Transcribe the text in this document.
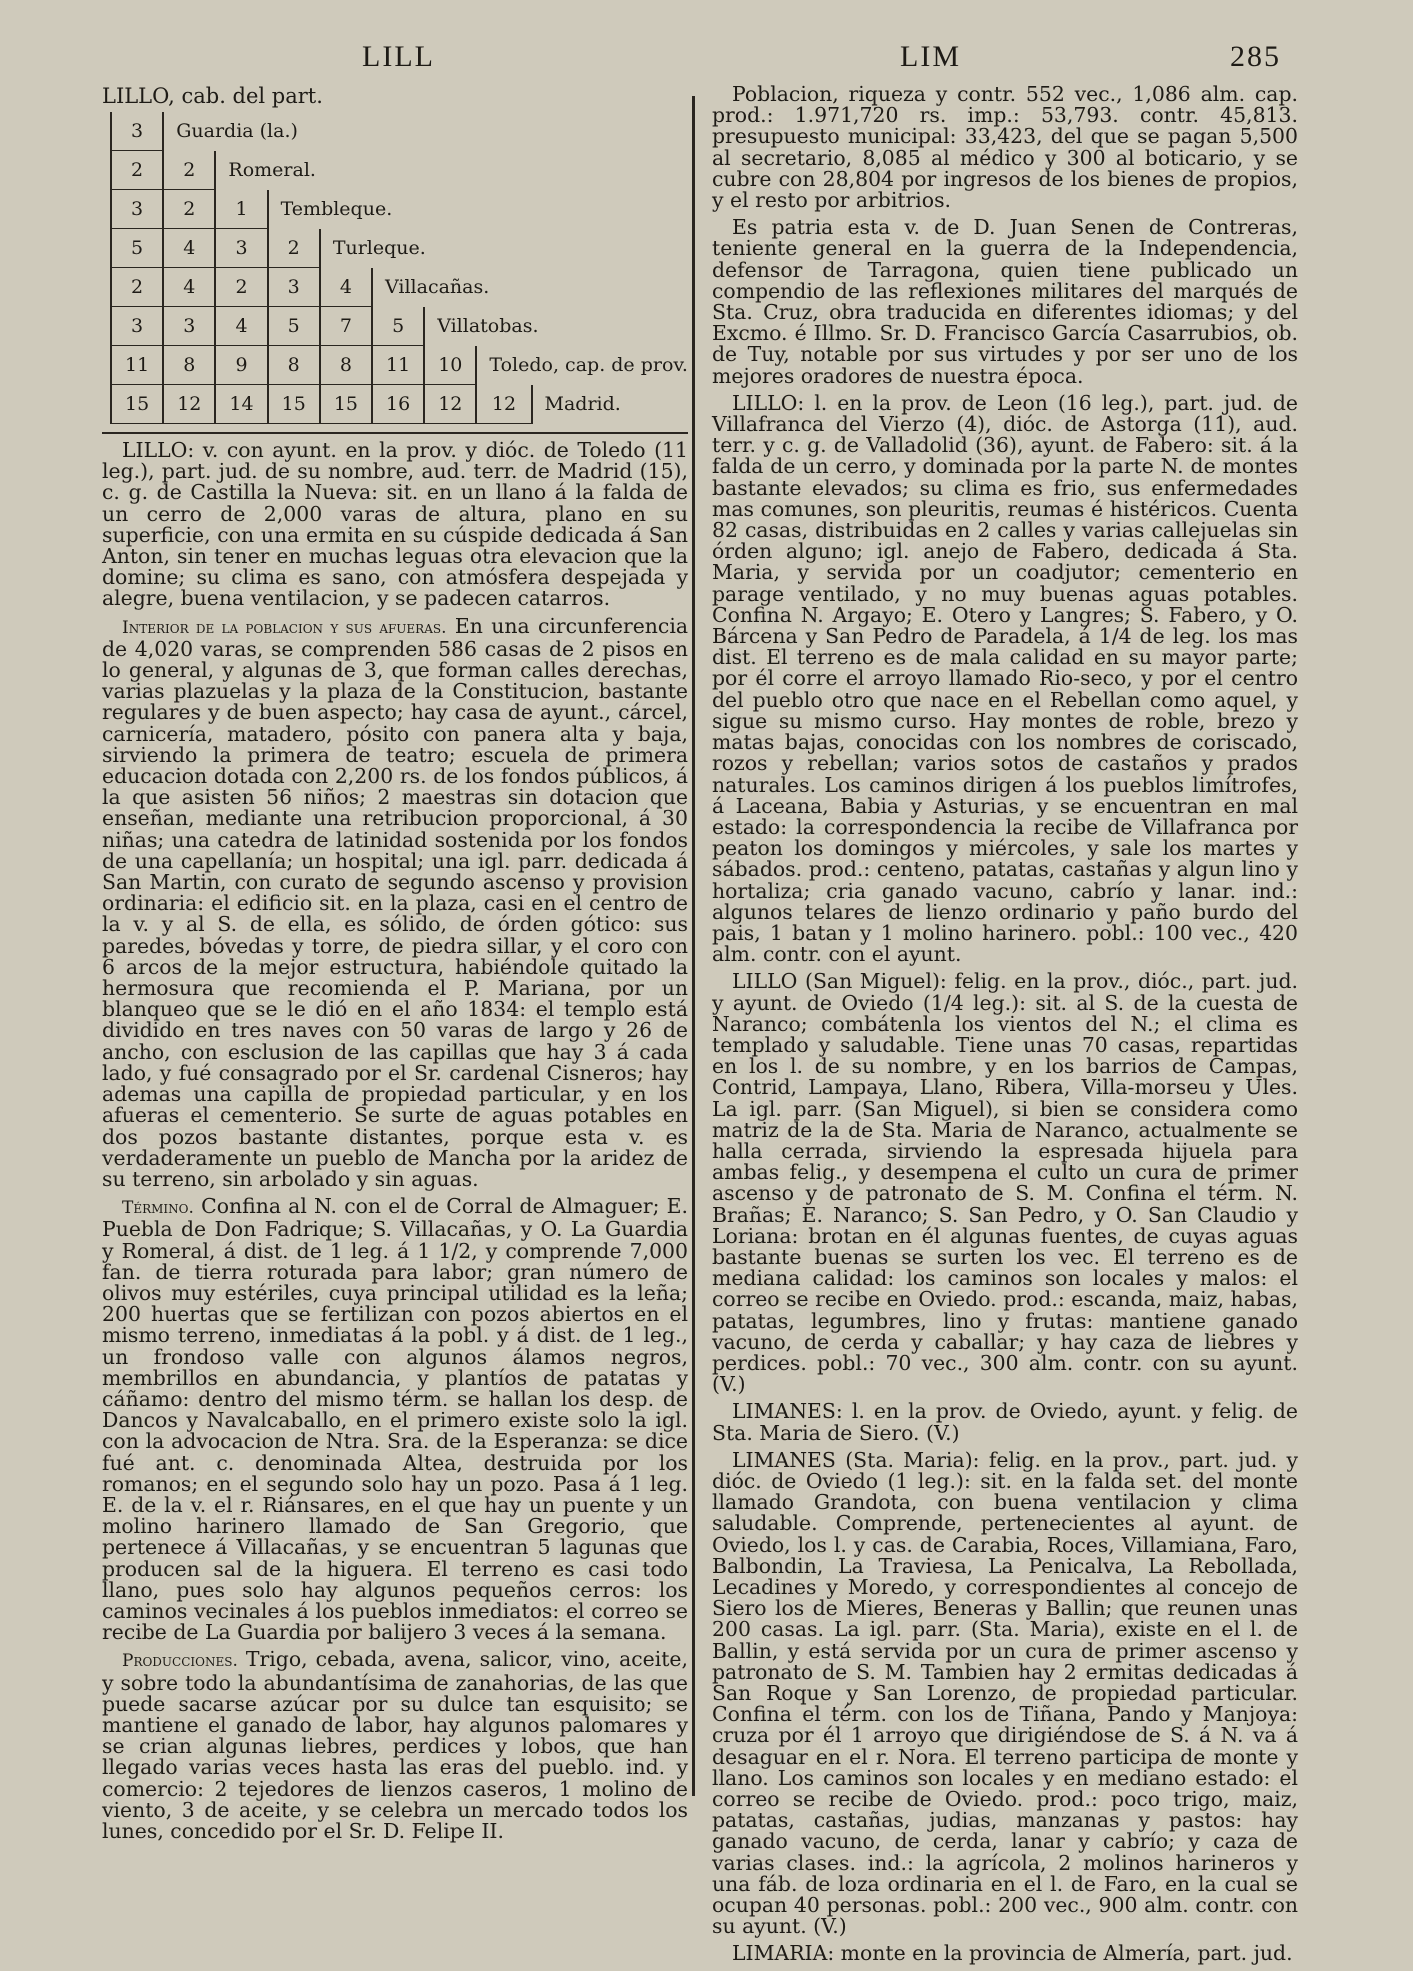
LILL	LIM	285
LILLO, cab. del part.
3	Guardia (la.)							
2	2	Romeral.						
3	2	1	Tembleque.					
5	4	3	2	Turleque.				
2	4	2	3	4	Villacañas.			
3	3	4	5	7	5	Villatobas.		
11	8	9	8	8	11	10	Toledo, cap. de prov.	
15	12	14	15	15	16	12	12	Madrid.

LILLO: v. con ayunt. en la prov. y dióc. de Toledo (11 leg.), part. jud. de su nombre, aud. terr. de Madrid (15), c. g. de Castilla la Nueva: sit. en un llano á la falda de un cerro de 2,000 varas de altura, plano en su superficie, con una ermita en su cúspide dedicada á San Anton, sin tener en muchas leguas otra elevacion que la domine; su clima es sano, con atmósfera despejada y alegre, buena ventilacion, y se padecen catarros.

Interior de la poblacion y sus afueras. En una circunferencia de 4,020 varas, se comprenden 586 casas de 2 pisos en lo general, y algunas de 3, que forman calles derechas, varias plazuelas y la plaza de la Constitucion, bastante regulares y de buen aspecto; hay casa de ayunt., cárcel, carnicería, matadero, pósito con panera alta y baja, sirviendo la primera de teatro; escuela de primera educacion dotada con 2,200 rs. de los fondos públicos, á la que asisten 56 niños; 2 maestras sin dotacion que enseñan, mediante una retribucion proporcional, á 30 niñas; una catedra de latinidad sostenida por los fondos de una capellanía; un hospital; una igl. parr. dedicada á San Martin, con curato de segundo ascenso y provision ordinaria: el edificio sit. en la plaza, casi en el centro de la v. y al S. de ella, es sólido, de órden gótico: sus paredes, bóvedas y torre, de piedra sillar, y el coro con 6 arcos de la mejor estructura, habiéndole quitado la hermosura que recomienda el P. Mariana, por un blanqueo que se le dió en el año 1834: el templo está dividido en tres naves con 50 varas de largo y 26 de ancho, con esclusion de las capillas que hay 3 á cada lado, y fué consagrado por el Sr. cardenal Cisneros; hay ademas una capilla de propiedad particular, y en los afueras el cementerio. Se surte de aguas potables en dos pozos bastante distantes, porque esta v. es verdaderamente un pueblo de Mancha por la aridez de su terreno, sin arbolado y sin aguas.

Término. Confina al N. con el de Corral de Almaguer; E. Puebla de Don Fadrique; S. Villacañas, y O. La Guardia y Romeral, á dist. de 1 leg. á 1 1/2, y comprende 7,000 fan. de tierra roturada para labor; gran número de olivos muy estériles, cuya principal utilidad es la leña; 200 huertas que se fertilizan con pozos abiertos en el mismo terreno, inmediatas á la pobl. y á dist. de 1 leg., un frondoso valle con algunos álamos negros, membrillos en abundancia, y plantíos de patatas y cáñamo: dentro del mismo térm. se hallan los desp. de Dancos y Navalcaballo, en el primero existe solo la igl. con la advocacion de Ntra. Sra. de la Esperanza: se dice fué ant. c. denominada Altea, destruida por los romanos; en el segundo solo hay un pozo. Pasa á 1 leg. E. de la v. el r. Riánsares, en el que hay un puente y un molino harinero llamado de San Gregorio, que pertenece á Villacañas, y se encuentran 5 lagunas que producen sal de la higuera. El terreno es casi todo llano, pues solo hay algunos pequeños cerros: los caminos vecinales á los pueblos inmediatos: el correo se recibe de La Guardia por balijero 3 veces á la semana.

Producciones. Trigo, cebada, avena, salicor, vino, aceite, y sobre todo la abundantísima de zanahorias, de las que puede sacarse azúcar por su dulce tan esquisito; se mantiene el ganado de labor, hay algunos palomares y se crian algunas liebres, perdices y lobos, que han llegado varias veces hasta las eras del pueblo. ind. y comercio: 2 tejedores de lienzos caseros, 1 molino de viento, 3 de aceite, y se celebra un mercado todos los lunes, concedido por el Sr. D. Felipe II.

Poblacion, riqueza y contr. 552 vec., 1,086 alm. cap. prod.: 1.971,720 rs. imp.: 53,793. contr. 45,813. presupuesto municipal: 33,423, del que se pagan 5,500 al secretario, 8,085 al médico y 300 al boticario, y se cubre con 28,804 por ingresos de los bienes de propios, y el resto por arbitrios.

Es patria esta v. de D. Juan Senen de Contreras, teniente general en la guerra de la Independencia, defensor de Tarragona, quien tiene publicado un compendio de las reflexiones militares del marqués de Sta. Cruz, obra traducida en diferentes idiomas; y del Excmo. é Illmo. Sr. D. Francisco García Casarrubios, ob. de Tuy, notable por sus virtudes y por ser uno de los mejores oradores de nuestra época.

LILLO: l. en la prov. de Leon (16 leg.), part. jud. de Villafranca del Vierzo (4), dióc. de Astorga (11), aud. terr. y c. g. de Valladolid (36), ayunt. de Fabero: sit. á la falda de un cerro, y dominada por la parte N. de montes bastante elevados; su clima es frio, sus enfermedades mas comunes, son pleuritis, reumas é histéricos. Cuenta 82 casas, distribuidas en 2 calles y varias callejuelas sin órden alguno; igl. anejo de Fabero, dedicada á Sta. Maria, y servida por un coadjutor; cementerio en parage ventilado, y no muy buenas aguas potables. Confina N. Argayo; E. Otero y Langres; S. Fabero, y O. Bárcena y San Pedro de Paradela, á 1/4 de leg. los mas dist. El terreno es de mala calidad en su mayor parte; por él corre el arroyo llamado Rio-seco, y por el centro del pueblo otro que nace en el Rebellan como aquel, y sigue su mismo curso. Hay montes de roble, brezo y matas bajas, conocidas con los nombres de coriscado, rozos y rebellan; varios sotos de castaños y prados naturales. Los caminos dirigen á los pueblos limítrofes, á Laceana, Babia y Asturias, y se encuentran en mal estado: la correspondencia la recibe de Villafranca por peaton los domingos y miércoles, y sale los martes y sábados. prod.: centeno, patatas, castañas y algun lino y hortaliza; cria ganado vacuno, cabrío y lanar. ind.: algunos telares de lienzo ordinario y paño burdo del pais, 1 batan y 1 molino harinero. pobl.: 100 vec., 420 alm. contr. con el ayunt.

LILLO (San Miguel): felig. en la prov., dióc., part. jud. y ayunt. de Oviedo (1/4 leg.): sit. al S. de la cuesta de Naranco; combátenla los vientos del N.; el clima es templado y saludable. Tiene unas 70 casas, repartidas en los l. de su nombre, y en los barrios de Campas, Contrid, Lampaya, Llano, Ribera, Villa-morseu y Ules. La igl. parr. (San Miguel), si bien se considera como matriz de la de Sta. Maria de Naranco, actualmente se halla cerrada, sirviendo la espresada hijuela para ambas felig., y desempena el culto un cura de primer ascenso y de patronato de S. M. Confina el térm. N. Brañas; E. Naranco; S. San Pedro, y O. San Claudio y Loriana: brotan en él algunas fuentes, de cuyas aguas bastante buenas se surten los vec. El terreno es de mediana calidad: los caminos son locales y malos: el correo se recibe en Oviedo. prod.: escanda, maiz, habas, patatas, legumbres, lino y frutas: mantiene ganado vacuno, de cerda y caballar; y hay caza de liebres y perdices. pobl.: 70 vec., 300 alm. contr. con su ayunt. (V.)

LIMANES: l. en la prov. de Oviedo, ayunt. y felig. de Sta. Maria de Siero. (V.)

LIMANES (Sta. Maria): felig. en la prov., part. jud. y dióc. de Oviedo (1 leg.): sit. en la falda set. del monte llamado Grandota, con buena ventilacion y clima saludable. Comprende, pertenecientes al ayunt. de Oviedo, los l. y cas. de Carabia, Roces, Villamiana, Faro, Balbondin, La Traviesa, La Penicalva, La Rebollada, Lecadines y Moredo, y correspondientes al concejo de Siero los de Mieres, Beneras y Ballin; que reunen unas 200 casas. La igl. parr. (Sta. Maria), existe en el l. de Ballin, y está servida por un cura de primer ascenso y patronato de S. M. Tambien hay 2 ermitas dedicadas á San Roque y San Lorenzo, de propiedad particular. Confina el térm. con los de Tiñana, Pando y Manjoya: cruza por él 1 arroyo que dirigiéndose de S. á N. va á desaguar en el r. Nora. El terreno participa de monte y llano. Los caminos son locales y en mediano estado: el correo se recibe de Oviedo. prod.: poco trigo, maiz, patatas, castañas, judias, manzanas y pastos: hay ganado vacuno, de cerda, lanar y cabrío; y caza de varias clases. ind.: la agrícola, 2 molinos harineros y una fáb. de loza ordinaria en el l. de Faro, en la cual se ocupan 40 personas. pobl.: 200 vec., 900 alm. contr. con su ayunt. (V.)

LIMARIA: monte en la provincia de Almería, part. jud.
